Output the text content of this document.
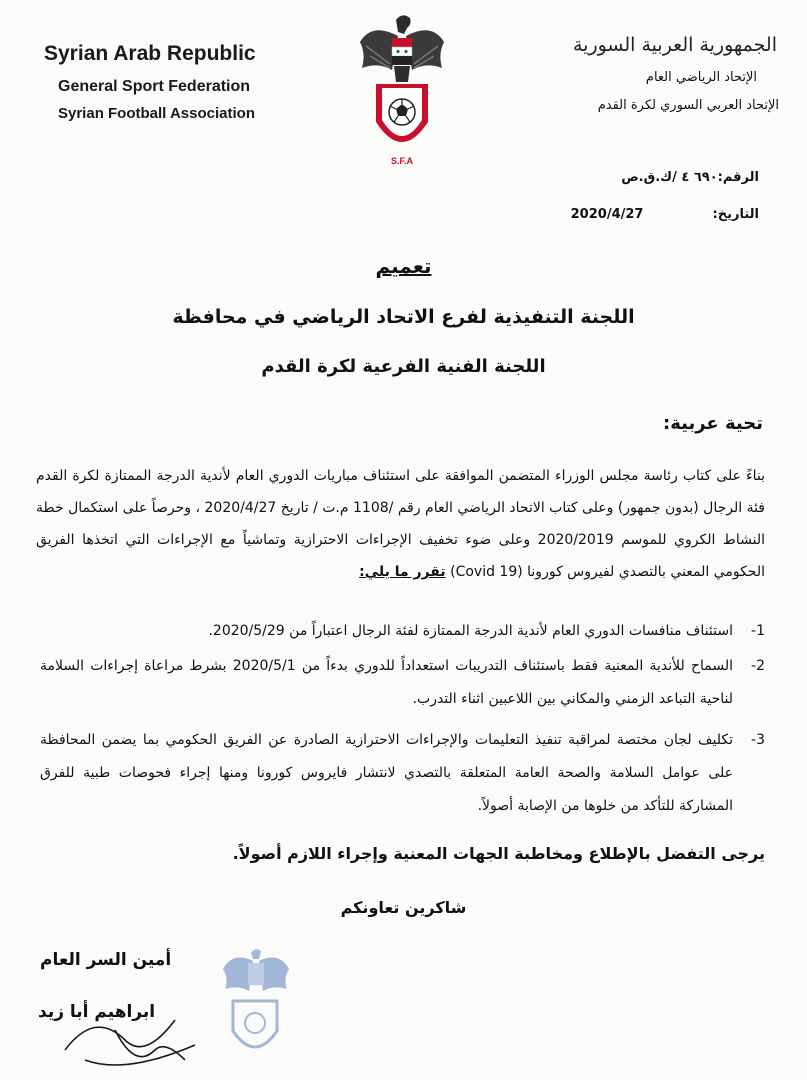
Syrian Arab Republic
General Sport Federation
Syrian Football Association
الجمهورية العربية السورية
الإتحاد الرياضي العام
الإتحاد العربي السوري لكرة القدم
S.F.A
الرقم:٦٩٠ ٤ /ك.ق.ص
التاريخ:  2020/4/27
تعميم
اللجنة التنفيذية لفرع الاتحاد الرياضي في محافظة
اللجنة الفنية الفرعية لكرة القدم
تحية عربية:
بناءً على كتاب رئاسة مجلس الوزراء المتضمن الموافقة على استئناف مباريات الدوري العام لأندية الدرجة الممتازة لكرة القدم فئة الرجال (بدون جمهور) وعلى كتاب الاتحاد الرياضي العام رقم /1108 م.ت / تاريخ 2020/4/27 ، وحرصاً على استكمال خطة النشاط الكروي للموسم 2020/2019 وعلى ضوء تخفيف الإجراءات الاحترازية وتماشياً مع الإجراءات التي اتخذها الفريق الحكومي المعني بالتصدي لفيروس كورونا (Covid 19) تقرر ما يلي:
1-
استئناف منافسات الدوري العام لأندية الدرجة الممتازة لفئة الرجال اعتباراً من 2020/5/29.
2-
السماح للأندية المعنية فقط باستئناف التدريبات استعداداً للدوري بدءاً من 2020/5/1 بشرط مراعاة إجراءات السلامة لناحية التباعد الزمني والمكاني بين اللاعبين اثناء التدرب.
3-
تكليف لجان مختصة لمراقبة تنفيذ التعليمات والإجراءات الاحترازية الصادرة عن الفريق الحكومي بما يضمن المحافظة على عوامل السلامة والصحة العامة المتعلقة بالتصدي لانتشار فايروس كورونا ومنها إجراء فحوصات طبية للفرق المشاركة للتأكد من خلوها من الإصابة أصولاً.
يرجى التفضل بالإطلاع ومخاطبة الجهات المعنية وإجراء اللازم أصولاً.
شاكرين تعاونكم
أمين السر العام
ابراهيم أبا زيد
